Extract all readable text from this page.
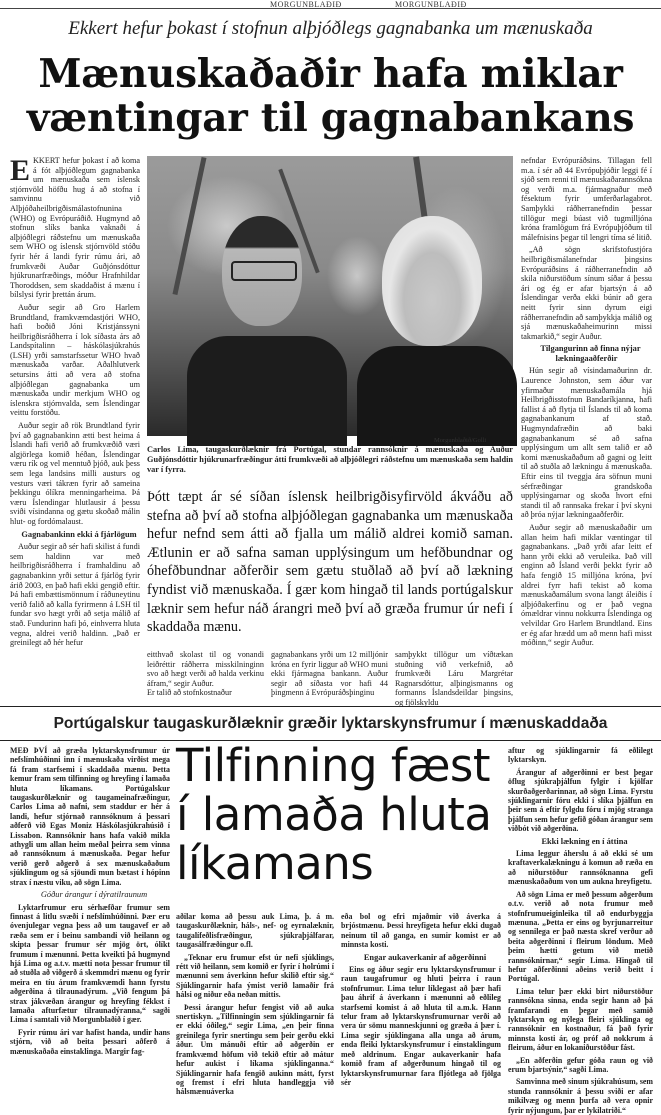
MORGUNBLAÐIÐ	MORGUNBLAÐIÐ
Ekkert hefur þokast í stofnun alþjóðlegs gagnabanka um mænuskaða
Mænuskaðaðir hafa miklar væntingar til gagnabankans

EKKERT hefur þokast í að koma á fót alþjóðlegum gagnabanka um mænuskaða sem íslensk stjórnvöld höfðu hug á að stofna í samvinnu við Alþjóðaheilbrigðismálastofnunina (WHO) og Evrópuráðið. Hugmynd að stofnun slíks banka vaknaði á alþjóðlegri ráðstefnu um mænuskaða sem WHO og íslensk stjórnvöld stóðu fyrir hér á landi fyrir rúmu ári, að frumkvæði Auðar Guðjónsdóttur hjúkrunarfræðings, móður Hrafnhildar Thoroddsen, sem skaddaðist á mænu í bílslysi fyrir þrettán árum.

Auður segir að Gro Harlem Brundtland, framkvæmdastjóri WHO, hafi boðið Jóni Kristjánssyni heilbrigðisráðherra í lok síðasta árs að Landspítalinn – háskólasjúkrahús (LSH) yrði samstarfssetur WHO hvað mænuskaða varðar. Aðalhlutverk setursins átti að vera að stofna alþjóðlegan gagnabanka um mænuskaða undir merkjum WHO og íslenskra stjórnvalda, sem Íslendingar veittu forstöðu.

Auður segir að rök Brundtland fyrir því að gagnabankinn ætti best heima á Íslandi hafi verið að frumkvæðið væri algjörlega komið héðan, Íslendingar væru rík og vel menntuð þjóð, auk þess sem lega landsins milli austurs og vesturs væri tákræn fyrir að sameina þekkingu ólíkra menningarheima. Þá væru Íslendingar hlutlausir á þessu sviði vísindanna og gætu skoðað málin hlut- og fordómalaust.

Gagnabankinn ekki á fjárlögum

Auður segir að sér hafi skilist á fundi sem haldinn var með heilbrigðisráðherra í framhaldinu að gagnabankinn yrði settur á fjárlög fyrir árið 2003, en það hafi ekki gengið eftir. Þá hafi embættismönnum í ráðuneytinu verið falið að kalla fyrirmenn á LSH til fundar svo hægt yrði að setja málið af stað. Fundurinn hafi þó, einhverra hluta vegna, aldrei verið haldinn. „Það er greinilegt að hér hefur

Morgunblaðið/Golli
Carlos Lima, taugaskurðlæknir frá Portúgal, stundar rannsóknir á mænuskaða og Auður Guðjónsdóttir hjúkrunarfræðingur átti frumkvæði að alþjóðlegri ráðstefnu um mænuskaða sem haldin var í fyrra.
Þótt tæpt ár sé síðan íslensk heilbrigðisyfirvöld ákváðu að stefna að því að stofna alþjóðlegan gagnabanka um mænuskaða hefur nefnd sem átti að fjalla um málið aldrei komið saman. Ætlunin er að safna saman upplýsingum um hefðbundnar og óhefðbundnar aðferðir sem gætu stuðlað að því að lækning fyndist við mænuskaða. Í gær kom hingað til lands portúgalskur læknir sem hefur náð árangri með því að græða frumur úr nefi í skaddaða mænu.

eitthvað skolast til og vonandi leiðréttir ráðherra misskilninginn svo að hægt verði að halda verkinu áfram,“ segir Auður.
Er talið að stofnkostnaður

gagnabankans yrði um 12 milljónir króna en fyrir liggur að WHO muni ekki fjármagna bankann. Auður segir að síðasta vor hafi 44 þingmenn á Evrópuráðsþinginu

samþykkt tillögur um víðtækan stuðning við verkefnið, að frumkvæði Láru Margrétar Ragnarsdóttur, alþingismanns og formanns Íslandsdeildar þingsins, og fjölskyldu

nefndar Evrópuráðsins. Tillagan fell m.a. í sér að 44 Evrópuþjóðir leggi fé í sjóð sem renni til mænuskaðarannsókna og verði m.a. fjármagnaður með fésektum fyrir umferðarlagabrot. Samþykki ráðherranefndin þessar tillögur megi búast við tugmilljóna króna framlögum frá Evrópuþjóðum til málefnisins þegar til lengri tíma sé litið.

„Að sögn skrifstofustjóra heilbrigðismálanefndar þingsins Evrópuráðsins á ráðherranefndin að skila niðurstöðum sínum síðar á þessu ári og ég er afar bjartsýn á að Íslendingar verða ekki búnir að gera neitt fyrir sinn dyrum eigi ráðherranefndin að samþykkja málið og sjá mænuskaðaheimurinn missi takmarkið,“ segir Auður.

Tilgangurinn að finna nýjar lækningaaðferðir

Hún segir að vísindamaðurinn dr. Laurence Johnston, sem áður var yfirmaður mænuskaðamála hjá Heilbrigðisstofnun Bandaríkjanna, hafi fallist á að flytja til Íslands til að koma gagnabankanum af stað. Hugmyndafræðin að baki gagnabankanum sé að safna upplýsingum um allt sem talið er að komi mænuskaðaðum að gagni og leitt til að stuðla að lækningu á mænuskaða. Eftir eins til tveggja ára söfnun muni sérfræðingar grandskoða upplýsingarnar og skoða hvort efni standi til að rannsaka frekar í því skyni að þróa nýjar lækningaaðferðir.

Auður segir að mænuskaðaðir um allan heim hafi miklar væntingar til gagnabankans. „Það yrði afar leitt ef hann yrði ekki að veruleika. Það vill enginn að Ísland verði þekkt fyrir að hafa fengið 15 milljóna króna, því aldrei fyrr hafi tekist að koma mænuskaðamálum svona langt áleiðis í alþjóðakerfinu og er það vegna ómældrar vinnu nokkurra Íslendinga og velvildar Gro Harlem Brundtland. Eins er ég afar hrædd um að menn hafi misst móðinn,“ segir Auður.

Portúgalskur taugaskurðlæknir græðir lyktarskynsfrumur í mænuskaddaða

MEÐ ÞVÍ að græða lyktarskynsfrumur úr nefslímhúðinni inn í mænuskaða virðist mega fá fram starfsemi í skaddaða mænu. Þetta kemur fram sem tilfinning og hreyfing í lamaða hluta líkamans. Portúgalskur taugaskurðlæknir og taugameinafræðingur, Carlos Lima að nafni, sem staddur er hér á landi, hefur stjórnað rannsóknum á þessari aðferð við Egas Moniz Háskólasjúkrahúsið í Lissabon. Rannsóknir hans hafa vakið mikla athygli um allan heim meðal þeirra sem vinna að rannsóknum á mænuskaða. Þegar hefur verið gerð aðgerð á sex mænuskaðaðum sjúklingum og sá sjöundi mun bætast í hópinn strax í næstu viku, að sögn Lima.

Góður árangur í dýratilraunum

Lyktarfrumur eru sérhæfðar frumur sem finnast á litlu svæði í nefslímhúðinni. Þær eru óvenjulegar vegna þess að um taugavef er að ræða sem er í beinu sambandi við heilann og skipta þessar frumur sér mjög ört, ólíkt frumum í mænunni. Þetta kveikti þá hugmynd hjá Lima og a.t.v. mætti nota þessar frumur til að stuðla að viðgerð á skemmdri mænu og fyrir meira en tíu árum framkvæmdi hann fyrstu aðgerðina á tilraunadýrum. „Við fengum þá strax jákvæðan árangur og hreyfing fékkst í lamaða afturfætur tilraunadýranna,“ sagði Lima í samtali við Morgunblaðið í gær.

Fyrir rúmu ári var hafist handa, undir hans stjórn, við að beita þessari aðferð á mænuskaðaða einstaklinga. Margir fag-

Tilfinning fæst í lamaða hluta líkamans

aðilar koma að þessu auk Lima, þ. á m. taugaskurðlæknir, háls-, nef- og eyrnalæknir, taugalífeðlisfræðingur, sjúkraþjálfarar, taugasálfræðingur o.fl.

„Teknar eru frumur efst úr nefi sjúklings, rétt við heilann, sem komið er fyrir í holrúmi í mænunni sem áverkinn hefur skilið eftir sig.“ Sjúklingarnir hafa ýmist verið lamaðir frá hálsi og niður eða neðan mittis.

Þessi árangur hefur fengist við að auka snertiskyn. „Tilfinningin sem sjúklingarnir fá er ekki óðileg,“ segir Lima, „en þeir finna greinilega fyrir snertingu sem þeir gerðu ekki áður. Um mánuði eftir að aðgerðin er framkvæmd höfum við tekið eftir að mátur hefur aukist í líkama sjúklinganna.“ Sjúklingarnir hafa fengið aukinn mátt, fyrst og fremst í efri hluta handleggja við hálsmænuáverka

eða bol og efri mjaðmir við áverka á brjóstmænu. Þessi hreyfigeta hefur ekki dugað neinum til að ganga, en sumir komist er að minnsta kosti.

Engar aukaverkanir af aðgerðinni

Eins og áður segir eru lyktarskynsfrumur í raun taugafrumur og hluti þeirra í raun stofnfrumur. Lima telur líklegast að þær hafi þau áhrif á áverkann í mænunni að eðlileg starfsemi komist á að hluta til a.m.k. Hann telur fram að lyktarskynsfrumurnar verði að vera úr sömu manneskjunni og græða á þær í. Lima segir sjúklingana alla unga að árum, enda fleiki lyktarskynsfrumur í einstaklingum með aldrinum. Engar aukaverkanir hafa komið fram af aðgerðunum hingað til og lyktarskynsfrumurnar fara fljótlega að fjölga sér

aftur og sjúklingarnir fá eðlilegt lyktarskyn.

Árangur af aðgerðinni er best þegar öflug sjúkraþjálfun fylgir í kjölfar skurðaðgerðarinnar, að sögn Lima. Fyrstu sjúklingarnir fóru ekki í slíka þjálfun en þeir sem á eftir fylgdu fóru í mjög stranga þjálfun sem hefur gefið góðan árangur sem viðbót við aðgerðina.

Ekki lækning en í áttina

Lima leggur áherslu á að ekki sé um kraftaverkalækningu á komun að ræða en að niðurstöður rannsóknanna gefi mænuskaðaðum von um aukna hreyfigetu.

Að sögn Lima er með þessum aðgerðum o.t.v. verið að nota frumur með stofnfrumueiginleika til að endurbyggja mænuna. „Þetta er eins og byrjunarreitur og sennilega er það næsta skref verður að beita aðgerðinni í fleirum löndum. Með þeim hætti getum við metið rannsóknirnar,“ segir Lima. Hingað til hefur aðferðinni aðeins verið beitt í Portúgal.

Lima telur þær ekki birt niðurstöður rannsókna sinna, enda segir hann að þá framfarandi en þegar með samið lyktarskyn og nýlega fleiri sjúklinga og rannsóknir en kostnaður, fá það fyrir minnsta kosti ár, og próf að nokkrum á fleirum, áður en lokaniðurstöður fást.

„En aðferðin gefur góða raun og við erum bjartsýnir,“ sagði Lima.

Samvinna með sinum sjúkrahúsum, sem stunda rannsóknir á þessu sviði er afar mikilvæg og menn þurfa að vera opnir fyrir nýjungum, þar er lykilatriði.“
